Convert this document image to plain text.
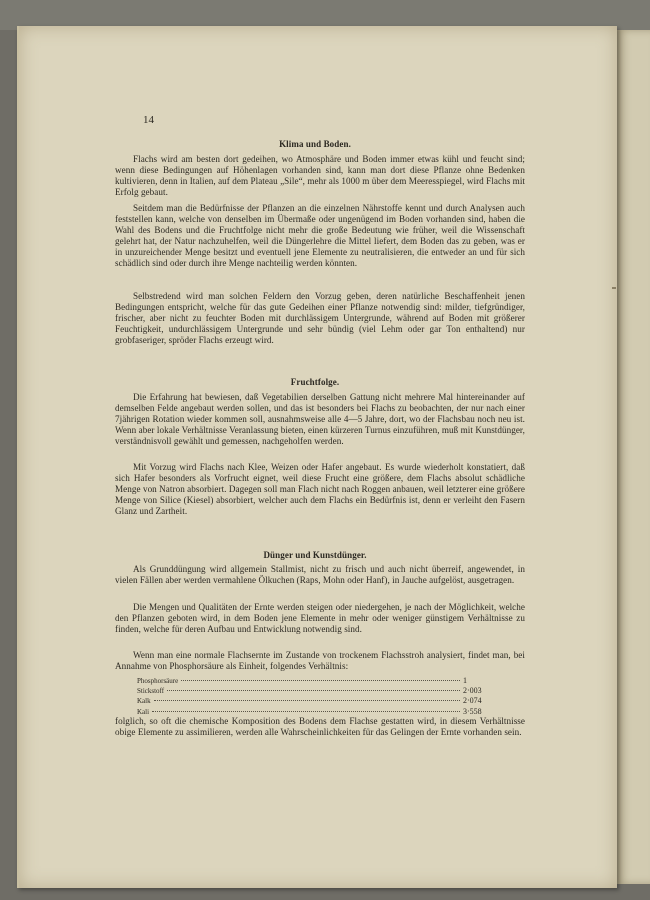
14
Klima und Boden.
Flachs wird am besten dort gedeihen, wo Atmosphäre und Boden immer etwas kühl und feucht sind; wenn diese Bedingungen auf Höhenlagen vorhanden sind, kann man dort diese Pflanze ohne Bedenken kultivieren, denn in Italien, auf dem Plateau „Sile“, mehr als 1000 m über dem Meeresspiegel, wird Flachs mit Erfolg gebaut.
Seitdem man die Bedürfnisse der Pflanzen an die einzelnen Nährstoffe kennt und durch Analysen auch feststellen kann, welche von denselben im Übermaße oder ungenügend im Boden vorhanden sind, haben die Wahl des Bodens und die Fruchtfolge nicht mehr die große Bedeutung wie früher, weil die Wissenschaft gelehrt hat, der Natur nachzuhelfen, weil die Düngerlehre die Mittel liefert, dem Boden das zu geben, was er in unzureichender Menge besitzt und eventuell jene Elemente zu neutralisieren, die entweder an und für sich schädlich sind oder durch ihre Menge nachteilig werden könnten.
Selbstredend wird man solchen Feldern den Vorzug geben, deren natürliche Beschaffenheit jenen Bedingungen entspricht, welche für das gute Gedeihen einer Pflanze notwendig sind: milder, tiefgründiger, frischer, aber nicht zu feuchter Boden mit durchlässigem Untergrunde, während auf Boden mit größerer Feuchtigkeit, undurchlässigem Untergrunde und sehr bündig (viel Lehm oder gar Ton enthaltend) nur grobfaseriger, spröder Flachs erzeugt wird.
Fruchtfolge.
Die Erfahrung hat bewiesen, daß Vegetabilien derselben Gattung nicht mehrere Mal hintereinander auf demselben Felde angebaut werden sollen, und das ist besonders bei Flachs zu beobachten, der nur nach einer 7jährigen Rotation wieder kommen soll, ausnahmsweise alle 4—5 Jahre, dort, wo der Flachsbau noch neu ist. Wenn aber lokale Verhältnisse Veranlassung bieten, einen kürzeren Turnus einzuführen, muß mit Kunstdünger, verständnisvoll gewählt und gemessen, nachgeholfen werden.
Mit Vorzug wird Flachs nach Klee, Weizen oder Hafer angebaut. Es wurde wiederholt konstatiert, daß sich Hafer besonders als Vorfrucht eignet, weil diese Frucht eine größere, dem Flachs absolut schädliche Menge von Natron absorbiert. Dagegen soll man Flach nicht nach Roggen anbauen, weil letzterer eine größere Menge von Silice (Kiesel) absorbiert, welcher auch dem Flachs ein Bedürfnis ist, denn er verleiht den Fasern Glanz und Zartheit.
Dünger und Kunstdünger.
Als Grunddüngung wird allgemein Stallmist, nicht zu frisch und auch nicht überreif, angewendet, in vielen Fällen aber werden vermahlene Ölkuchen (Raps, Mohn oder Hanf), in Jauche aufgelöst, ausgetragen.
Die Mengen und Qualitäten der Ernte werden steigen oder niedergehen, je nach der Möglichkeit, welche den Pflanzen geboten wird, in dem Boden jene Elemente in mehr oder weniger günstigem Verhältnisse zu finden, welche für deren Aufbau und Entwicklung notwendig sind.
Wenn man eine normale Flachsernte im Zustande von trockenem Flachsstroh analysiert, findet man, bei Annahme von Phosphorsäure als Einheit, folgendes Verhältnis:
Phosphorsäure	1
Stickstoff	2·003
Kalk	2·074
Kali	3·558
folglich, so oft die chemische Komposition des Bodens dem Flachse gestatten wird, in diesem Verhältnisse obige Elemente zu assimilieren, werden alle Wahrscheinlichkeiten für das Gelingen der Ernte vorhanden sein.
